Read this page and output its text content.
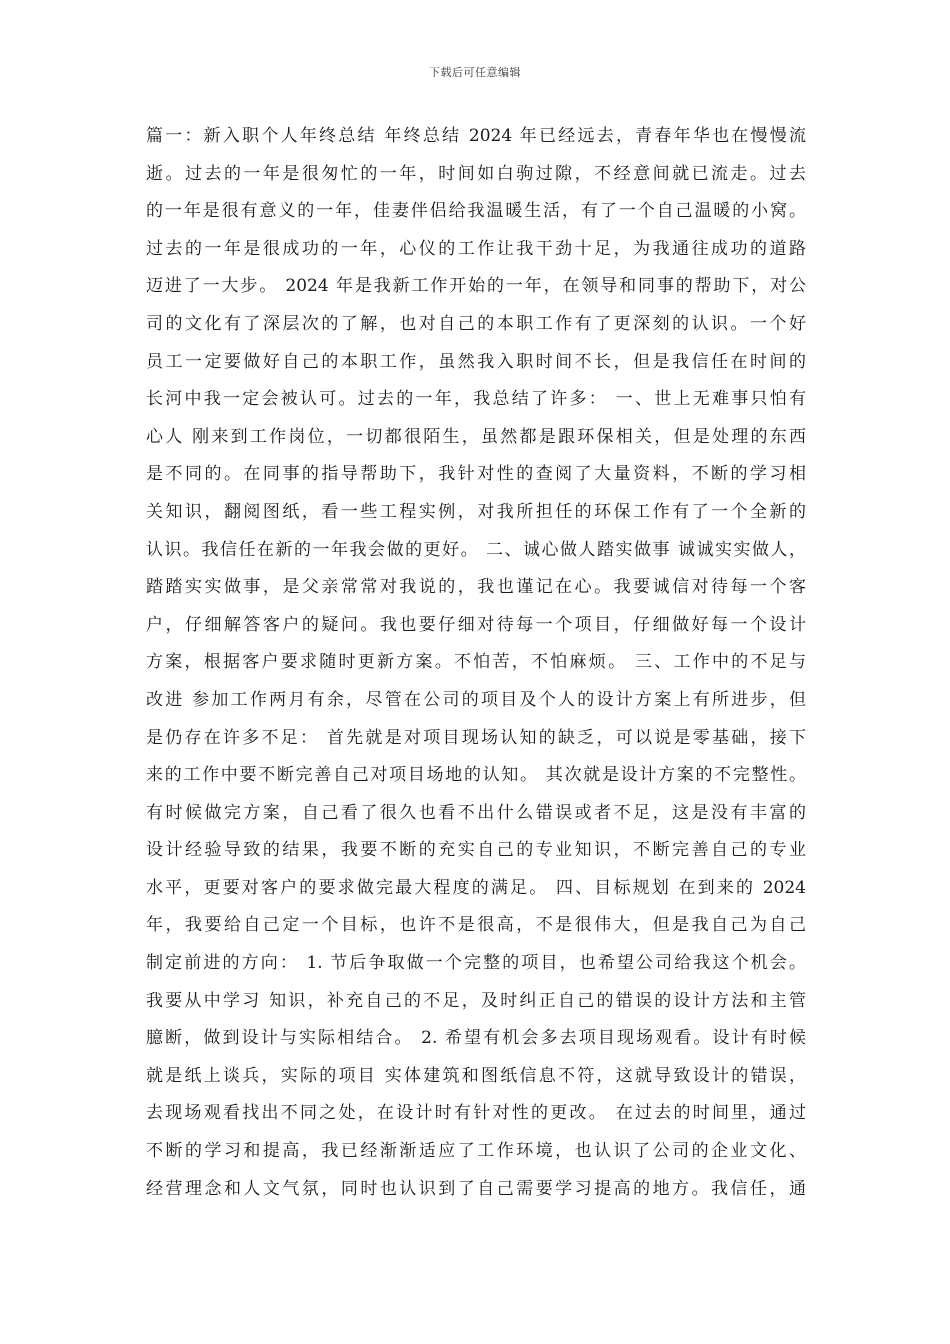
下载后可任意编辑
篇一：新入职个人年终总结 年终总结 2024 年已经远去，青春年华也在慢慢流
逝。过去的一年是很匆忙的一年，时间如白驹过隙，不经意间就已流走。过去
的一年是很有意义的一年，佳妻伴侣给我温暖生活，有了一个自己温暖的小窝。
过去的一年是很成功的一年，心仪的工作让我干劲十足，为我通往成功的道路
迈进了一大步。 2024 年是我新工作开始的一年，在领导和同事的帮助下，对公
司的文化有了深层次的了解，也对自己的本职工作有了更深刻的认识。一个好
员工一定要做好自己的本职工作，虽然我入职时间不长，但是我信任在时间的
长河中我一定会被认可。过去的一年，我总结了许多： 一、世上无难事只怕有
心人 刚来到工作岗位，一切都很陌生，虽然都是跟环保相关，但是处理的东西
是不同的。在同事的指导帮助下，我针对性的查阅了大量资料，不断的学习相
关知识，翻阅图纸，看一些工程实例，对我所担任的环保工作有了一个全新的
认识。我信任在新的一年我会做的更好。 二、诚心做人踏实做事 诚诚实实做人，
踏踏实实做事，是父亲常常对我说的，我也谨记在心。我要诚信对待每一个客
户，仔细解答客户的疑问。我也要仔细对待每一个项目，仔细做好每一个设计
方案，根据客户要求随时更新方案。不怕苦，不怕麻烦。 三、工作中的不足与
改进 参加工作两月有余，尽管在公司的项目及个人的设计方案上有所进步，但
是仍存在许多不足： 首先就是对项目现场认知的缺乏，可以说是零基础，接下
来的工作中要不断完善自己对项目场地的认知。 其次就是设计方案的不完整性。
有时候做完方案，自己看了很久也看不出什么错误或者不足，这是没有丰富的
设计经验导致的结果，我要不断的充实自己的专业知识，不断完善自己的专业
水平，更要对客户的要求做完最大程度的满足。 四、目标规划 在到来的 2024
年，我要给自己定一个目标，也许不是很高，不是很伟大，但是我自己为自己
制定前进的方向： 1. 节后争取做一个完整的项目，也希望公司给我这个机会。
我要从中学习 知识，补充自己的不足，及时纠正自己的错误的设计方法和主管
臆断，做到设计与实际相结合。 2. 希望有机会多去项目现场观看。设计有时候
就是纸上谈兵，实际的项目 实体建筑和图纸信息不符，这就导致设计的错误，
去现场观看找出不同之处，在设计时有针对性的更改。 在过去的时间里，通过
不断的学习和提高，我已经渐渐适应了工作环境，也认识了公司的企业文化、
经营理念和人文气氛，同时也认识到了自己需要学习提高的地方。我信任，通
